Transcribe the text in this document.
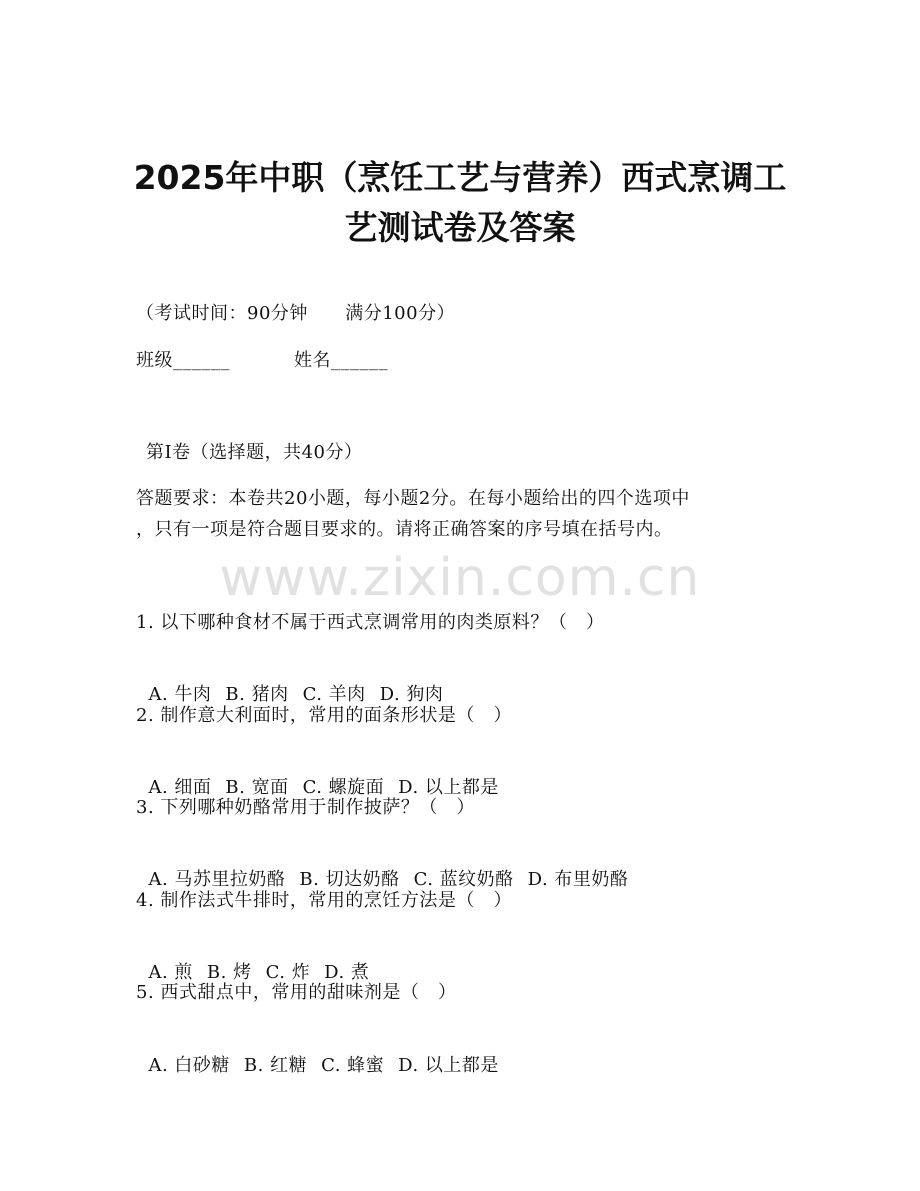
2025年中职（烹饪工艺与营养）西式烹调工
艺测试卷及答案
（考试时间：90分钟      满分100分）
班级______	姓名______
第I卷（选择题，共40分）
答题要求：本卷共20小题，每小题2分。在每小题给出的四个选项中
，只有一项是符合题目要求的。请将正确答案的序号填在括号内。
www.zixin.com.cn
1. 以下哪种食材不属于西式烹调常用的肉类原料？（   ）

A. 牛肉 B. 猪肉 C. 羊肉 D. 狗肉

2. 制作意大利面时，常用的面条形状是（   ）

A. 细面 B. 宽面 C. 螺旋面 D. 以上都是

3. 下列哪种奶酪常用于制作披萨？（   ）

A. 马苏里拉奶酪 B. 切达奶酪 C. 蓝纹奶酪 D. 布里奶酪

4. 制作法式牛排时，常用的烹饪方法是（   ）

A. 煎 B. 烤 C. 炸 D. 煮

5. 西式甜点中，常用的甜味剂是（   ）

A. 白砂糖 B. 红糖 C. 蜂蜜 D. 以上都是
